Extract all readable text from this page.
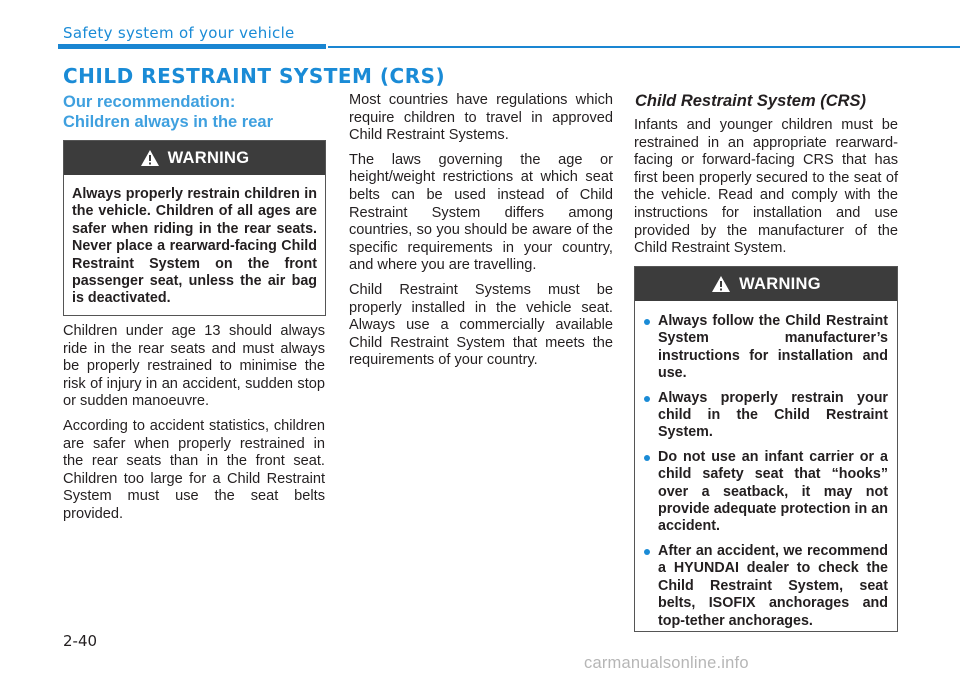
Safety system of your vehicle
CHILD RESTRAINT SYSTEM (CRS)
Our recommendation:
Children always in the rear
WARNING
Always properly restrain children in the vehicle. Children of all ages are safer when riding in the rear seats. Never place a rearward-facing Child Restraint System on the front passenger seat, unless the air bag is deactivated.

Children under age 13 should always ride in the rear seats and must always be properly restrained to minimise the risk of injury in an accident, sudden stop or sudden manoeuvre.

According to accident statistics, children are safer when properly restrained in the rear seats than in the front seat. Children too large for a Child Restraint System must use the seat belts provided.

Most countries have regulations which require children to travel in approved Child Restraint Systems.

The laws governing the age or height/weight restrictions at which seat belts can be used instead of Child Restraint System differs among countries, so you should be aware of the specific requirements in your country, and where you are travelling.

Child Restraint Systems must be properly installed in the vehicle seat. Always use a commercially available Child Restraint System that meets the requirements of your country.

Child Restraint System (CRS)

Infants and younger children must be restrained in an appropriate rearward-facing or forward-facing CRS that has first been properly secured to the seat of the vehicle. Read and comply with the instructions for installation and use provided by the manufacturer of the Child Restraint System.

WARNING
Always follow the Child Restraint System manufacturer’s instructions for installation and use.
Always properly restrain your child in the Child Restraint System.
Do not use an infant carrier or a child safety seat that “hooks” over a seatback, it may not provide adequate protection in an accident.
After an accident, we recommend a HYUNDAI dealer to check the Child Restraint System, seat belts, ISOFIX anchorages and top-tether anchorages.
2-40
carmanualsonline.info
